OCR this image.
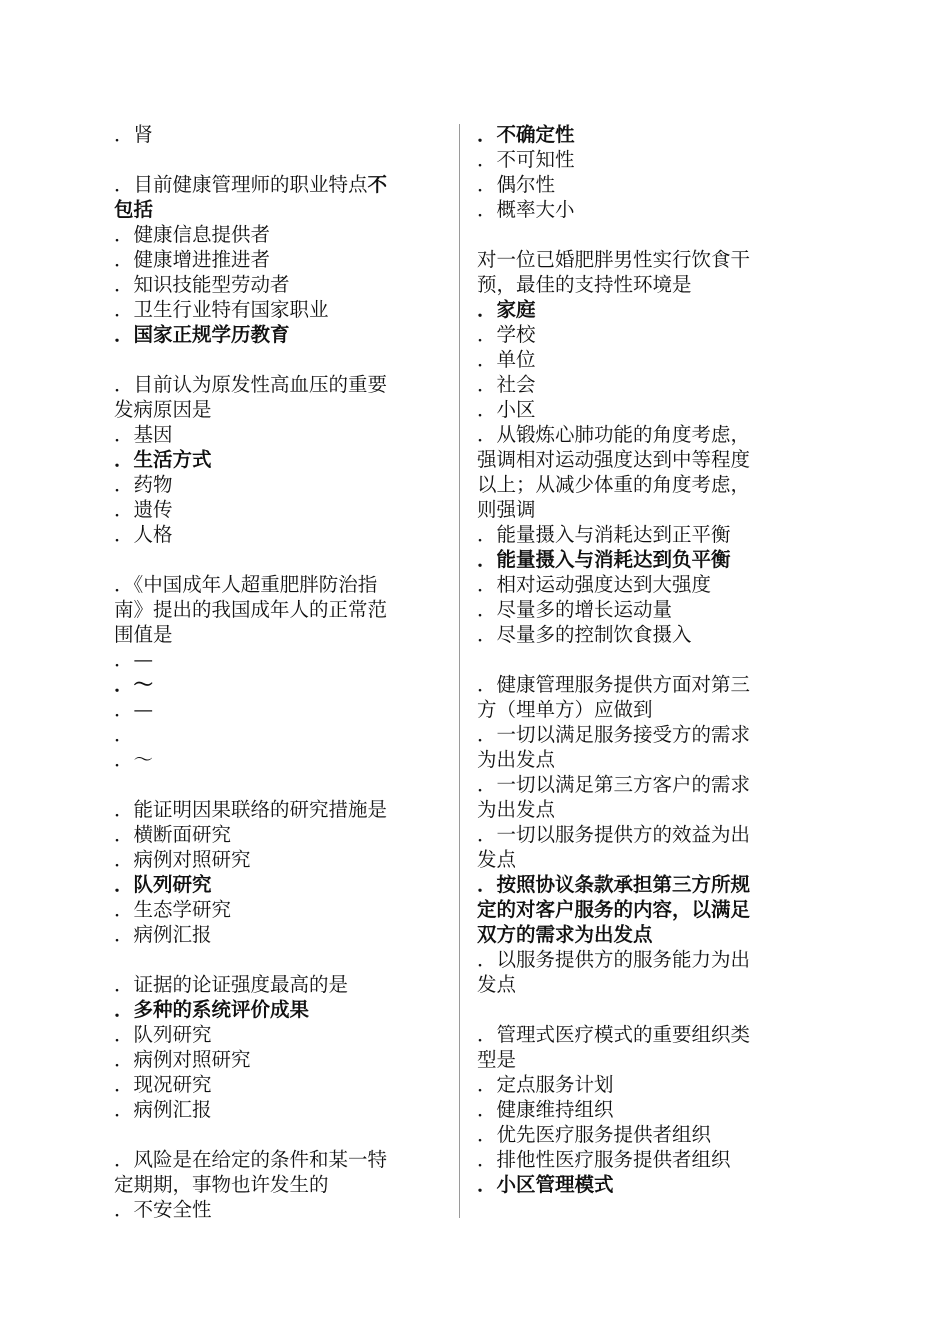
．肾
．目前健康管理师的职业特点不
包括
．健康信息提供者
．健康增进推进者
．知识技能型劳动者
．卫生行业特有国家职业
．国家正规学历教育
．目前认为原发性高血压的重要
发病原因是
．基因
．生活方式
．药物
．遗传
．人格
．《中国成年人超重肥胖防治指
南》提出的我国成年人的正常范
围值是
．—
．～
．—
．
．～
．能证明因果联络的研究措施是
．横断面研究
．病例对照研究
．队列研究
．生态学研究
．病例汇报
．证据的论证强度最高的是
．多种的系统评价成果
．队列研究
．病例对照研究
．现况研究
．病例汇报
．风险是在给定的条件和某一特
定期期，事物也许发生的
．不安全性
．不确定性
．不可知性
．偶尔性
．概率大小
对一位已婚肥胖男性实行饮食干
预，最佳的支持性环境是
．家庭
．学校
．单位
．社会
．小区
．从锻炼心肺功能的角度考虑，
强调相对运动强度达到中等程度
以上；从减少体重的角度考虑，
则强调
．能量摄入与消耗达到正平衡
．能量摄入与消耗达到负平衡
．相对运动强度达到大强度
．尽量多的增长运动量
．尽量多的控制饮食摄入
．健康管理服务提供方面对第三
方（埋单方）应做到
．一切以满足服务接受方的需求
为出发点
．一切以满足第三方客户的需求
为出发点
．一切以服务提供方的效益为出
发点
．按照协议条款承担第三方所规
定的对客户服务的内容，以满足
双方的需求为出发点
．以服务提供方的服务能力为出
发点
．管理式医疗模式的重要组织类
型是
．定点服务计划
．健康维持组织
．优先医疗服务提供者组织
．排他性医疗服务提供者组织
．小区管理模式
